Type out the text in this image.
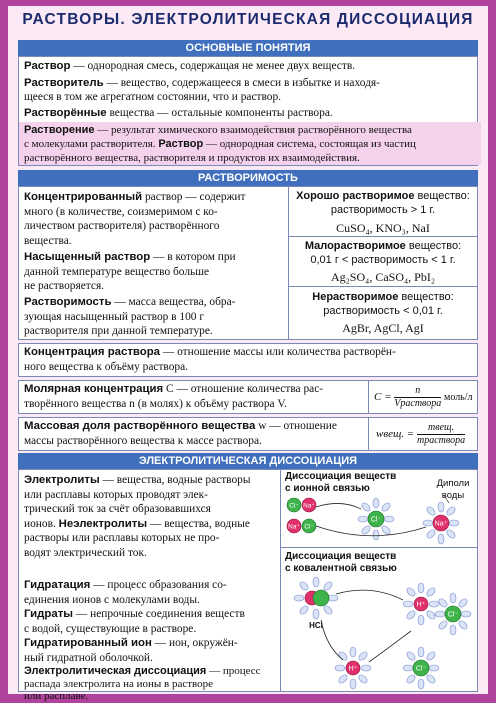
РАСТВОРЫ. ЭЛЕКТРОЛИТИЧЕСКАЯ ДИССОЦИАЦИЯ
ОСНОВНЫЕ ПОНЯТИЯ
Раствор — однородная смесь, содержащая не менее двух веществ.
Растворитель — вещество, содержащееся в смеси в избытке и находя-
щееся в том же агрегатном состоянии, что и раствор.
Растворённые вещества — остальные компоненты раствора.
Растворение — результат химического взаимодействия растворённого вещества
с молекулами растворителя. Раствор — однородная система, состоящая из частиц
растворённого вещества, растворителя и продуктов их взаимодействия.
РАСТВОРИМОСТЬ
Концентрированный раствор — содержит
много (в количестве, соизмеримом с ко-
личеством растворителя) растворённого
вещества.
Насыщенный раствор — в котором при
данной температуре вещество больше
не растворяется.
Растворимость — масса вещества, обра-
зующая насыщенный раствор в 100 г
растворителя при данной температуре.
Хорошо растворимое вещество:
растворимость > 1 г.
CuSO₄, KNO₃, NaI
Малорастворимое вещество:
0,01 г < растворимость < 1 г.
Ag₂SO₄, CaSO₄, PbI₂
Нерастворимое вещество:
растворимость < 0,01 г.
AgBr, AgCl, AgI
Концентрация раствора — отношение массы или количества растворён-
ного вещества к объёму раствора.
Молярная концентрация C — отношение количества рас-
творённого вещества n (в молях) к объёму раствора V.
$C = \frac{n}{\text{Vраствора}}$ моль/л
Массовая доля растворённого вещества w — отношение
массы растворённого вещества к массе раствора.
wвещ. = $\frac{\text{mвещ.}}{\text{mраствора}}$
ЭЛЕКТРОЛИТИЧЕСКАЯ ДИССОЦИАЦИЯ
Электролиты — вещества, водные растворы
или расплавы которых проводят элек-
трический ток за счёт образовавшихся
ионов. Неэлектролиты — вещества, водные
растворы или расплавы которых не про-
водят электрический ток.
Гидратация — процесс образования со-
единения ионов с молекулами воды.
Гидраты — непрочные соединения веществ
с водой, существующие в растворе.
Гидратированный ион — ион, окружён-
ный гидратной оболочкой.
Электролитическая диссоциация — процесс
распада электролита на ионы в растворе
или расплаве.
Диссоциация веществ
с ионной связью	Диполи
воды
Cl⁻ Na⁺
Na⁺ Cl⁻
Cl⁻
Na⁺
Диссоциация веществ
с ковалентной связью
HCl
H⁺
Cl⁻
H⁺	Cl⁻
